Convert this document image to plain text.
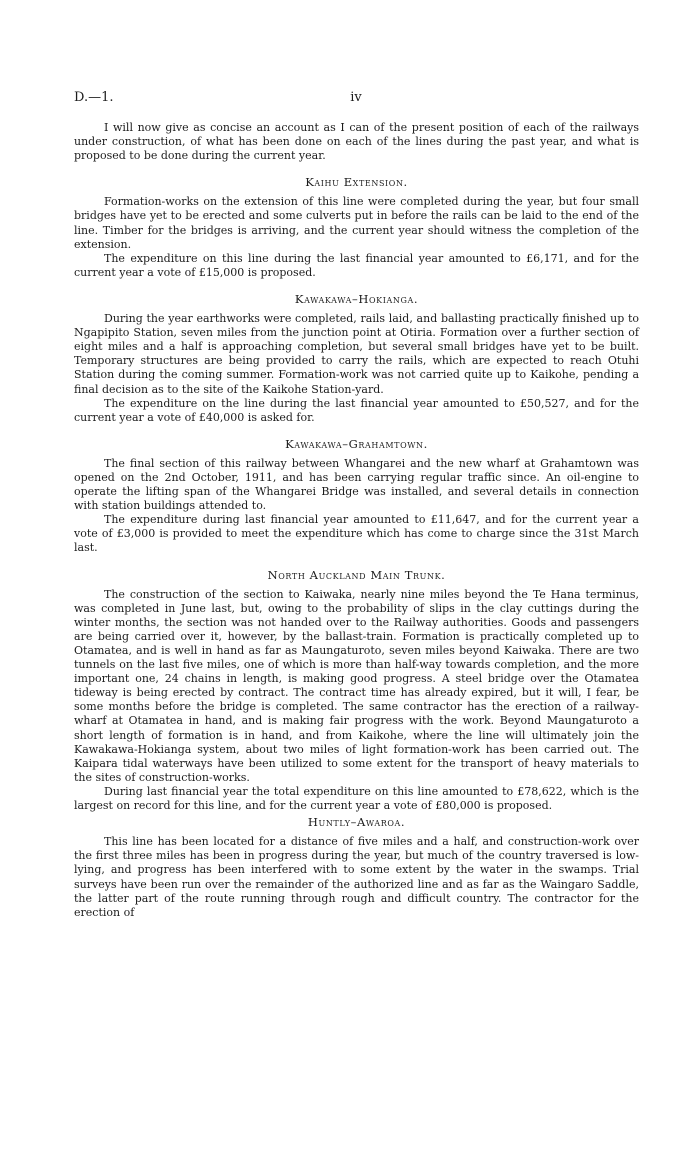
D.—1.	iv

I will now give as concise an account as I can of the present position of each of the railways under construction, of what has been done on each of the lines during the past year, and what is proposed to be done during the current year.

Kaihu Extension.

Formation-works on the extension of this line were completed during the year, but four small bridges have yet to be erected and some culverts put in before the rails can be laid to the end of the line. Timber for the bridges is arriving, and the current year should witness the completion of the extension.

The expenditure on this line during the last financial year amounted to £6,171, and for the current year a vote of £15,000 is proposed.

Kawakawa–Hokianga.

During the year earthworks were completed, rails laid, and ballasting practically finished up to Ngapipito Station, seven miles from the junction point at Otiria. Formation over a further section of eight miles and a half is approaching completion, but several small bridges have yet to be built. Temporary structures are being provided to carry the rails, which are expected to reach Otuhi Station during the coming summer. Formation-work was not carried quite up to Kaikohe, pending a final decision as to the site of the Kaikohe Station-yard.

The expenditure on the line during the last financial year amounted to £50,527, and for the current year a vote of £40,000 is asked for.

Kawakawa–Grahamtown.

The final section of this railway between Whangarei and the new wharf at Grahamtown was opened on the 2nd October, 1911, and has been carrying regular traffic since. An oil-engine to operate the lifting span of the Whangarei Bridge was installed, and several details in connection with station buildings attended to.

The expenditure during last financial year amounted to £11,647, and for the current year a vote of £3,000 is provided to meet the expenditure which has come to charge since the 31st March last.

North Auckland Main Trunk.

The construction of the section to Kaiwaka, nearly nine miles beyond the Te Hana terminus, was completed in June last, but, owing to the probability of slips in the clay cuttings during the winter months, the section was not handed over to the Railway authorities. Goods and passengers are being carried over it, however, by the ballast-train. Formation is practically completed up to Otamatea, and is well in hand as far as Maungaturoto, seven miles beyond Kaiwaka. There are two tunnels on the last five miles, one of which is more than half-way towards completion, and the more important one, 24 chains in length, is making good progress. A steel bridge over the Otamatea tideway is being erected by contract. The contract time has already expired, but it will, I fear, be some months before the bridge is completed. The same contractor has the erection of a railway-wharf at Otamatea in hand, and is making fair progress with the work. Beyond Maungaturoto a short length of formation is in hand, and from Kaikohe, where the line will ultimately join the Kawakawa-Hokianga system, about two miles of light formation-work has been carried out. The Kaipara tidal waterways have been utilized to some extent for the transport of heavy materials to the sites of construction-works.

During last financial year the total expenditure on this line amounted to £78,622, which is the largest on record for this line, and for the current year a vote of £80,000 is proposed.

Huntly–Awaroa.

This line has been located for a distance of five miles and a half, and construction-work over the first three miles has been in progress during the year, but much of the country traversed is low-lying, and progress has been interfered with to some extent by the water in the swamps. Trial surveys have been run over the remainder of the authorized line and as far as the Waingaro Saddle, the latter part of the route running through rough and difficult country. The contractor for the erection of
